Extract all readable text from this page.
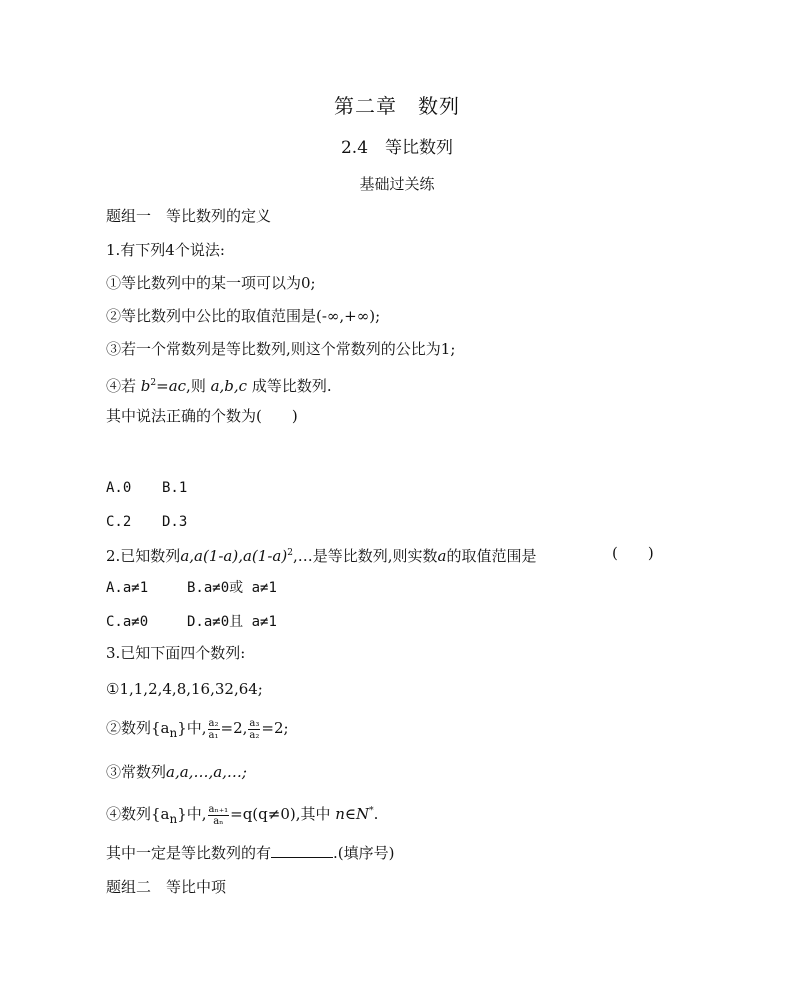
第二章　数列
2.4　等比数列
基础过关练
题组一　等比数列的定义
1.有下列4个说法:
①等比数列中的某一项可以为0;
②等比数列中公比的取值范围是(-∞,+∞);
③若一个常数列是等比数列,则这个常数列的公比为1;
④若 $b^2=ac$,则 a,b,c 成等比数列.
其中说法正确的个数为(　　)
A.0 B.1
C.2 D.3
2.已知数列$a,a(1-a),a(1-a)^2,\dots$是等比数列,则实数a的取值范围是	(　　)
A.a≠1	B.a≠0或 a≠1
C.a≠0	D.a≠0且 a≠1
3.已知下面四个数列:
①1,1,2,4,8,16,32,64;
②数列$\{a_n\}$中, $\frac{\text{a₂}}{\text{a₁}} =2$, $\frac{\text{a₃}}{\text{a₂}} =2$;
③常数列a,a,…,a,…;
④数列$\{a_n\}$中, $\frac{\text{aₙ₊₁}}{\text{aₙ}} =q(q\ne 0)$,其中 n∈N*.
其中一定是等比数列的有	.(填序号)
题组二　等比中项
